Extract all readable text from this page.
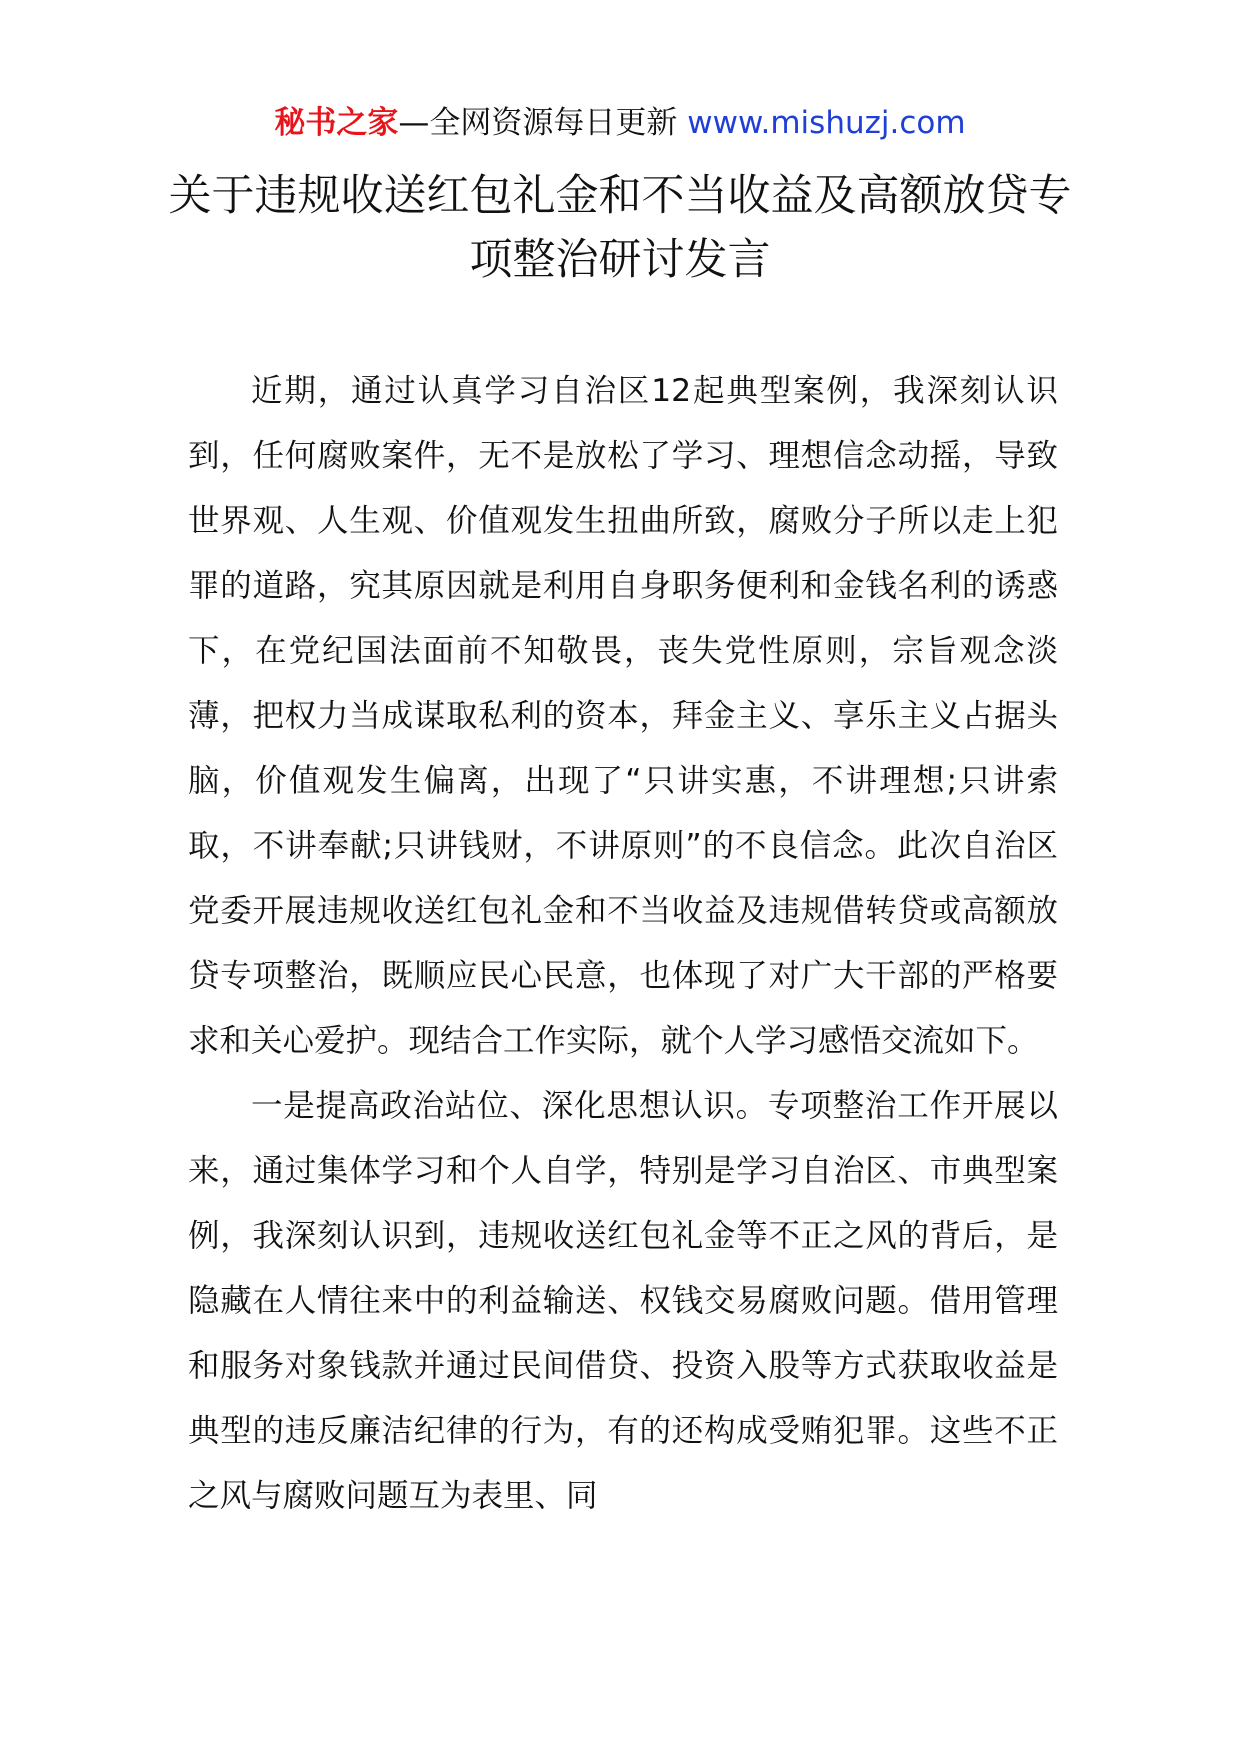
秘书之家—全网资源每日更新 www.mishuzj.com
关于违规收送红包礼金和不当收益及高额放贷专项整治研讨发言

近期，通过认真学习自治区12起典型案例，我深刻认识到，任何腐败案件，无不是放松了学习、理想信念动摇，导致世界观、人生观、价值观发生扭曲所致，腐败分子所以走上犯罪的道路，究其原因就是利用自身职务便利和金钱名利的诱惑下，在党纪国法面前不知敬畏，丧失党性原则，宗旨观念淡薄，把权力当成谋取私利的资本，拜金主义、享乐主义占据头脑，价值观发生偏离，出现了“只讲实惠，不讲理想;只讲索取，不讲奉献;只讲钱财，不讲原则”的不良信念。此次自治区党委开展违规收送红包礼金和不当收益及违规借转贷或高额放贷专项整治，既顺应民心民意，也体现了对广大干部的严格要求和关心爱护。现结合工作实际，就个人学习感悟交流如下。

一是提高政治站位、深化思想认识。专项整治工作开展以来，通过集体学习和个人自学，特别是学习自治区、市典型案例，我深刻认识到，违规收送红包礼金等不正之风的背后，是隐藏在人情往来中的利益输送、权钱交易腐败问题。借用管理和服务对象钱款并通过民间借贷、投资入股等方式获取收益是典型的违反廉洁纪律的行为，有的还构成受贿犯罪。这些不正之风与腐败问题互为表里、同
